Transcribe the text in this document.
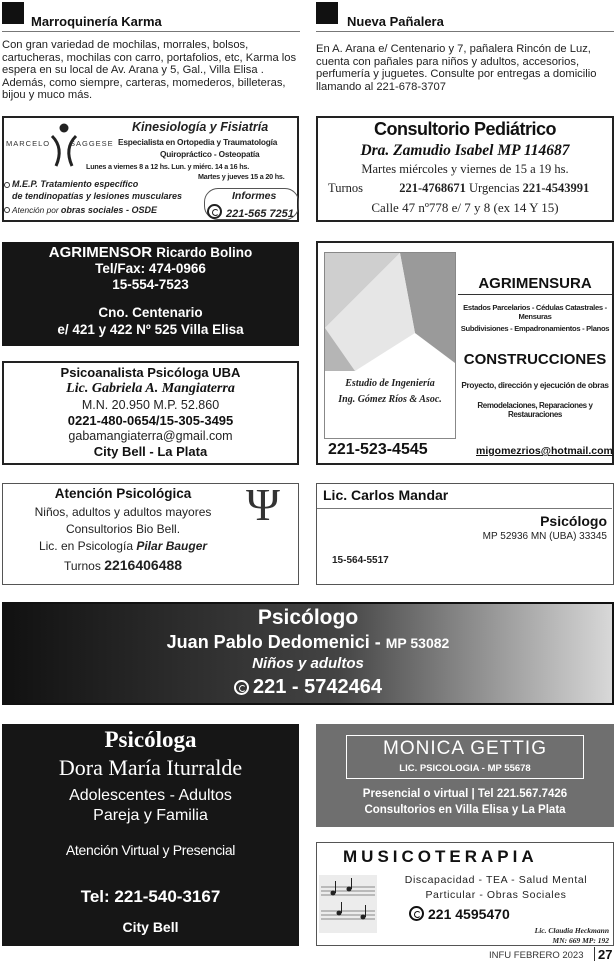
Marroquinería Karma
Con gran variedad de mochilas, morrales, bolsos, cartucheras, mochilas con carro, portafolios, etc, Karma los espera en su local de Av. Arana y 5, Gal., Villa Elisa . Además, como siempre, carteras, momederos, billeteras, bijou y muco más.
Nueva Pañalera
En A. Arana e/ Centenario y 7, pañalera Rincón de Luz, cuenta con pañales para niños y adultos, accesorios, perfumería y juguetes. Consulte por entregas a domicilio llamando al 221-678-3707
MARCELO	SAGGESE
Kinesiología y Fisiatría
Especialista en Ortopedia y Traumatología
Quiropráctico - Osteopatía
Lunes a viernes 8 a 12 hs. Lun. y miérc. 14 a 16 hs.
Martes y jueves 15 a 20 hs.
M.E.P. Tratamiento específico
de tendinopatías y lesiones musculares
Atención por obras sociales - OSDE
Informes
221-565 7251
Consultorio Pediátrico
Dra. Zamudio Isabel MP 114687
Martes miércoles y viernes de 15 a 19 hs.
Turnos	221-4768671 Urgencias 221-4543991
Calle 47 nº778 e/ 7 y 8 (ex 14 Y 15)
AGRIMENSOR Ricardo Bolino
Tel/Fax: 474-0966
15-554-7523
Cno. Centenario
e/ 421 y 422 Nº 525 Villa Elisa
Estudio de Ingeniería
Ing. Gómez Ríos & Asoc.
AGRIMENSURA
Estados Parcelarios - Cédulas Catastrales - Mensuras
Subdivisiones - Empadronamientos - Planos
CONSTRUCCIONES
Proyecto, dirección y ejecución de obras
Remodelaciones, Reparaciones y Restauraciones
221-523-4545	migomezrios@hotmail.com
Psicoanalista Psicóloga UBA
Lic. Gabriela A. Mangiaterra
M.N. 20.950 M.P. 52.860
0221-480-0654/15-305-3495
gabamangiaterra@gmail.com
City Bell - La Plata
Atención Psicológica
Niños, adultos y adultos mayores
Consultorios Bio Bell.
Lic. en Psicología Pilar Bauger
Turnos 2216406488
Ψ	Lic. Carlos Mandar
Psicólogo
MP 52936 MN (UBA) 33345
15-564-5517
Psicólogo
Juan Pablo Dedomenici - MP 53082
Niños y adultos
221 - 5742464
Psicóloga
Dora María Iturralde
Adolescentes - Adultos
Pareja y Familia
Atención Virtual y Presencial
Tel: 221-540-3167
City Bell
MONICA GETTIG
LIC. PSICOLOGIA - MP 55678
Presencial o virtual | Tel 221.567.7426
Consultorios en Villa Elisa y La Plata
MUSICOTERAPIA
Discapacidad - TEA - Salud Mental
Particular - Obras Sociales
221 4595470
Lic. Claudia Heckmann
MN: 669 MP: 192
INFU FEBRERO 2023 27
